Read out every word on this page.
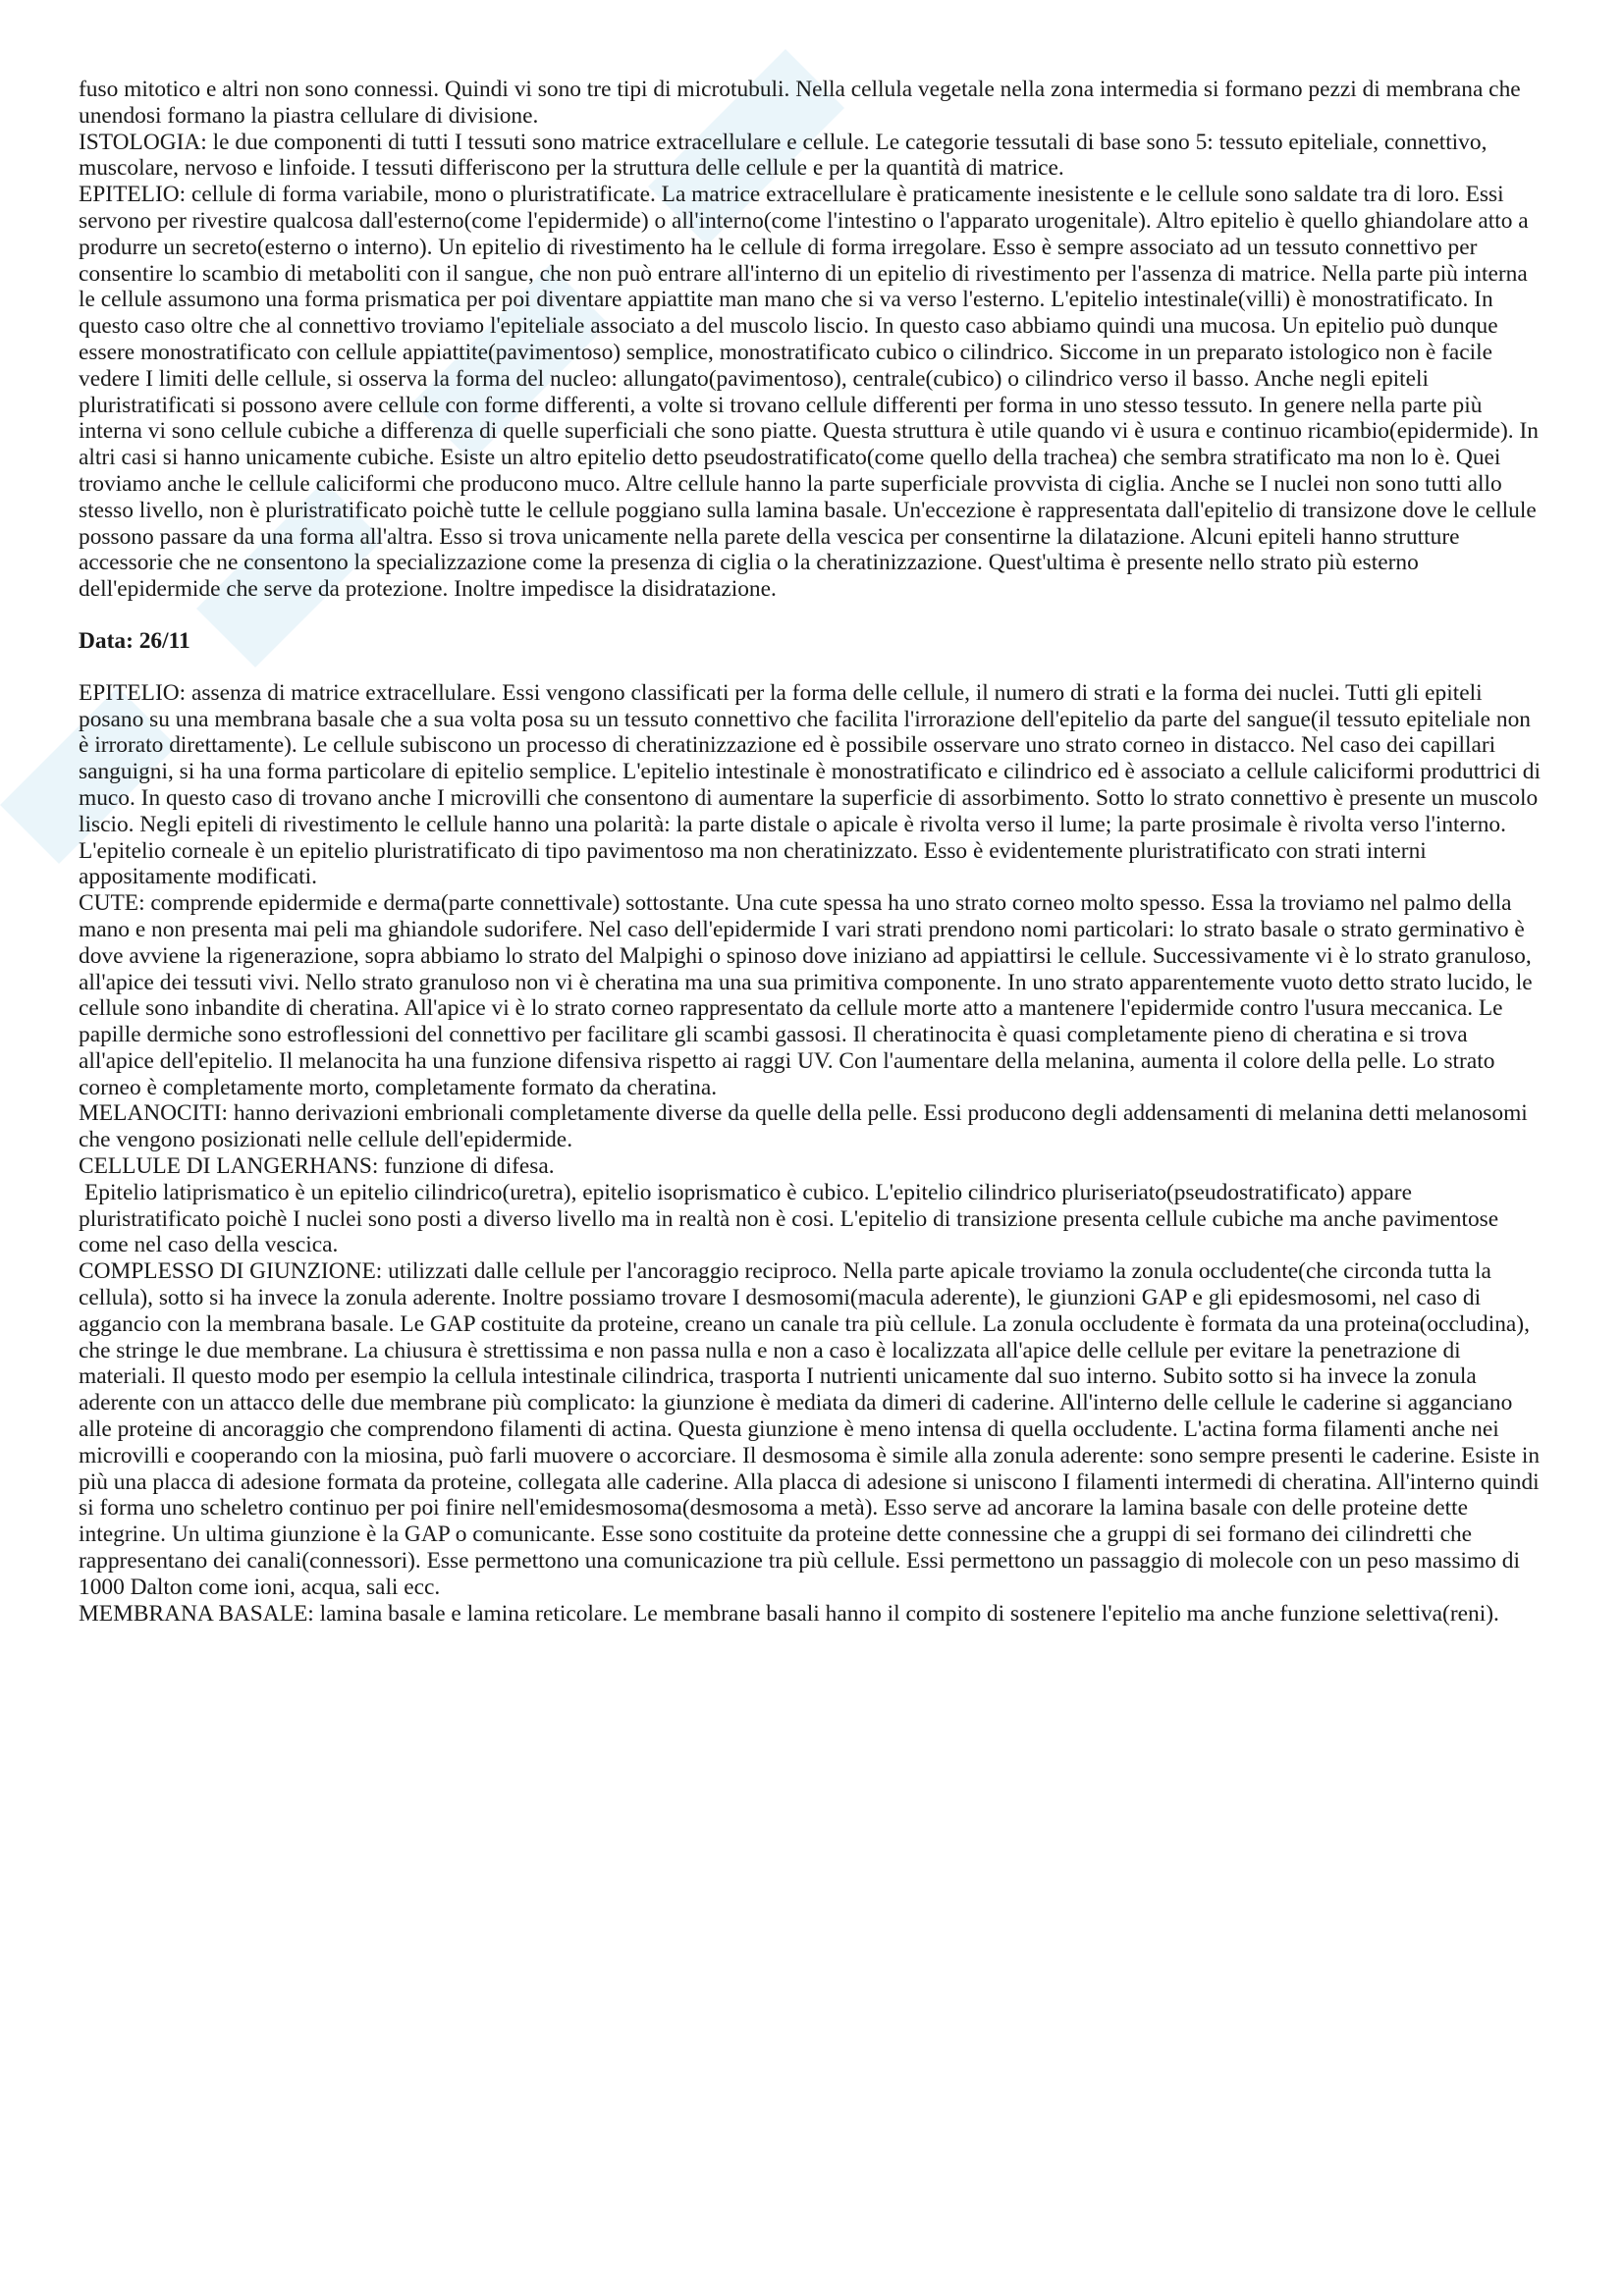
fuso mitotico e altri non sono connessi. Quindi vi sono tre tipi di microtubuli. Nella cellula vegetale nella zona intermedia si formano pezzi di membrana che unendosi formano la piastra cellulare di divisione.

ISTOLOGIA: le due componenti di tutti I tessuti sono matrice extracellulare e cellule. Le categorie tessutali di base sono 5: tessuto epiteliale, connettivo, muscolare, nervoso e linfoide. I tessuti differiscono per la struttura delle cellule e per la quantità di matrice.

EPITELIO: cellule di forma variabile, mono o pluristratificate. La matrice extracellulare è praticamente inesistente e le cellule sono saldate tra di loro. Essi servono per rivestire qualcosa dall'esterno(come l'epidermide) o all'interno(come l'intestino o l'apparato urogenitale). Altro epitelio è quello ghiandolare atto a produrre un secreto(esterno o interno). Un epitelio di rivestimento ha le cellule di forma irregolare. Esso è sempre associato ad un tessuto connettivo per consentire lo scambio di metaboliti con il sangue, che non può entrare all'interno di un epitelio di rivestimento per l'assenza di matrice. Nella parte più interna le cellule assumono una forma prismatica per poi diventare appiattite man mano che si va verso l'esterno. L'epitelio intestinale(villi) è monostratificato. In questo caso oltre che al connettivo troviamo l'epiteliale associato a del muscolo liscio. In questo caso abbiamo quindi una mucosa. Un epitelio può dunque essere monostratificato con cellule appiattite(pavimentoso) semplice, monostratificato cubico o cilindrico. Siccome in un preparato istologico non è facile vedere I limiti delle cellule, si osserva la forma del nucleo: allungato(pavimentoso), centrale(cubico) o cilindrico verso il basso. Anche negli epiteli pluristratificati si possono avere cellule con forme differenti, a volte si trovano cellule differenti per forma in uno stesso tessuto. In genere nella parte più interna vi sono cellule cubiche a differenza di quelle superficiali che sono piatte. Questa struttura è utile quando vi è usura e continuo ricambio(epidermide). In altri casi si hanno unicamente cubiche. Esiste un altro epitelio detto pseudostratificato(come quello della trachea) che sembra stratificato ma non lo è. Quei troviamo anche le cellule caliciformi che producono muco. Altre cellule hanno la parte superficiale provvista di ciglia. Anche se I nuclei non sono tutti allo stesso livello, non è pluristratificato poichè tutte le cellule poggiano sulla lamina basale. Un'eccezione è rappresentata dall'epitelio di transizone dove le cellule possono passare da una forma all'altra. Esso si trova unicamente nella parete della vescica per consentirne la dilatazione. Alcuni epiteli hanno strutture accessorie che ne consentono la specializzazione come la presenza di ciglia o la cheratinizzazione. Quest'ultima è presente nello strato più esterno dell'epidermide che serve da protezione. Inoltre impedisce la disidratazione.

Data: 26/11

EPITELIO: assenza di matrice extracellulare. Essi vengono classificati per la forma delle cellule, il numero di strati e la forma dei nuclei. Tutti gli epiteli posano su una membrana basale che a sua volta posa su un tessuto connettivo che facilita l'irrorazione dell'epitelio da parte del sangue(il tessuto epiteliale non è irrorato direttamente). Le cellule subiscono un processo di cheratinizzazione ed è possibile osservare uno strato corneo in distacco. Nel caso dei capillari sanguigni, si ha una forma particolare di epitelio semplice. L'epitelio intestinale è monostratificato e cilindrico ed è associato a cellule caliciformi produttrici di muco. In questo caso di trovano anche I microvilli che consentono di aumentare la superficie di assorbimento. Sotto lo strato connettivo è presente un muscolo liscio. Negli epiteli di rivestimento le cellule hanno una polarità: la parte distale o apicale è rivolta verso il lume; la parte prosimale è rivolta verso l'interno. L'epitelio corneale è un epitelio pluristratificato di tipo pavimentoso ma non cheratinizzato. Esso è evidentemente pluristratificato con strati interni appositamente modificati.

CUTE: comprende epidermide e derma(parte connettivale) sottostante. Una cute spessa ha uno strato corneo molto spesso. Essa la troviamo nel palmo della mano e non presenta mai peli ma ghiandole sudorifere. Nel caso dell'epidermide I vari strati prendono nomi particolari: lo strato basale o strato germinativo è dove avviene la rigenerazione, sopra abbiamo lo strato del Malpighi o spinoso dove iniziano ad appiattirsi le cellule. Successivamente vi è lo strato granuloso, all'apice dei tessuti vivi. Nello strato granuloso non vi è cheratina ma una sua primitiva componente. In uno strato apparentemente vuoto detto strato lucido, le cellule sono inbandite di cheratina. All'apice vi è lo strato corneo rappresentato da cellule morte atto a mantenere l'epidermide contro l'usura meccanica. Le papille dermiche sono estroflessioni del connettivo per facilitare gli scambi gassosi. Il cheratinocita è quasi completamente pieno di cheratina e si trova all'apice dell'epitelio. Il melanocita ha una funzione difensiva rispetto ai raggi UV. Con l'aumentare della melanina, aumenta il colore della pelle. Lo strato corneo è completamente morto, completamente formato da cheratina.

MELANOCITI: hanno derivazioni embrionali completamente diverse da quelle della pelle. Essi producono degli addensamenti di melanina detti melanosomi che vengono posizionati nelle cellule dell'epidermide.

CELLULE DI LANGERHANS: funzione di difesa.

Epitelio latiprismatico è un epitelio cilindrico(uretra), epitelio isoprismatico è cubico. L'epitelio cilindrico pluriseriato(pseudostratificato) appare pluristratificato poichè I nuclei sono posti a diverso livello ma in realtà non è cosi. L'epitelio di transizione presenta cellule cubiche ma anche pavimentose come nel caso della vescica.

COMPLESSO DI GIUNZIONE: utilizzati dalle cellule per l'ancoraggio reciproco. Nella parte apicale troviamo la zonula occludente(che circonda tutta la cellula), sotto si ha invece la zonula aderente. Inoltre possiamo trovare I desmosomi(macula aderente), le giunzioni GAP e gli epidesmosomi, nel caso di aggancio con la membrana basale. Le GAP costituite da proteine, creano un canale tra più cellule. La zonula occludente è formata da una proteina(occludina), che stringe le due membrane. La chiusura è strettissima e non passa nulla e non a caso è localizzata all'apice delle cellule per evitare la penetrazione di materiali. Il questo modo per esempio la cellula intestinale cilindrica, trasporta I nutrienti unicamente dal suo interno. Subito sotto si ha invece la zonula aderente con un attacco delle due membrane più complicato: la giunzione è mediata da dimeri di caderine. All'interno delle cellule le caderine si agganciano alle proteine di ancoraggio che comprendono filamenti di actina. Questa giunzione è meno intensa di quella occludente. L'actina forma filamenti anche nei microvilli e cooperando con la miosina, può farli muovere o accorciare. Il desmosoma è simile alla zonula aderente: sono sempre presenti le caderine. Esiste in più una placca di adesione formata da proteine, collegata alle caderine. Alla placca di adesione si uniscono I filamenti intermedi di cheratina. All'interno quindi si forma uno scheletro continuo per poi finire nell'emidesmosoma(desmosoma a metà). Esso serve ad ancorare la lamina basale con delle proteine dette integrine. Un ultima giunzione è la GAP o comunicante. Esse sono costituite da proteine dette connessine che a gruppi di sei formano dei cilindretti che rappresentano dei canali(connessori). Esse permettono una comunicazione tra più cellule. Essi permettono un passaggio di molecole con un peso massimo di 1000 Dalton come ioni, acqua, sali ecc.

MEMBRANA BASALE: lamina basale e lamina reticolare. Le membrane basali hanno il compito di sostenere l'epitelio ma anche funzione selettiva(reni).
